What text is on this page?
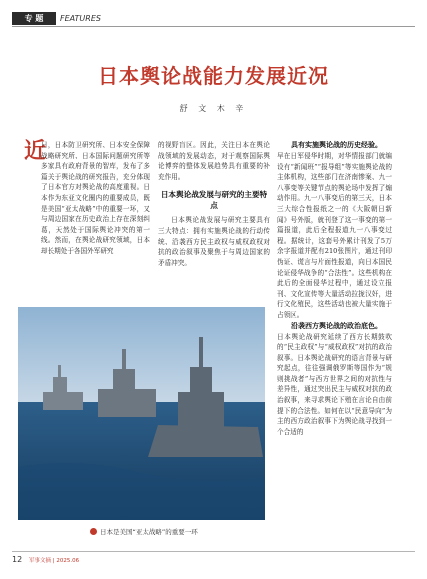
专 题	FEATURES
日本舆论战能力发展近况
舒 文 木 辛
近

日，日本防卫研究所、日本安全保障战略研究所、日本国际问题研究所等多家具有政府背景的智库，发布了多篇关于舆论战的研究报告，充分体现了日本官方对舆论战的高度重视。日本作为东亚文化圈内的重要成员，既是美国“亚太战略”中的重要一环，又与周边国家在历史政治上存在深刻纠葛，天然处于国际舆论冲突的第一线。然而，在舆论战研究领域，日本却长期处于各国外军研究

的视野盲区。因此，关注日本在舆论战领域的发展动态，对于观察国际舆论博弈的整体发展趋势具有重要的补充作用。

日本舆论战发展与研究的主要特点

日本舆论战发展与研究主要具有三大特点：拥有实施舆论战的行动传统、沿袭西方民主政权与威权政权对抗的政治叙事及聚焦于与周边国家的矛盾冲突。

具有实施舆论战的历史经验。

早在日军侵华时期，对华情报部门就编设有“新闻班”“报导组”等实施舆论战的主体机构，这些部门在济南惨案、九一八事变等关键节点的舆论场中发挥了煽动作用。九一八事变后的第三天，日本三大综合性报纸之一的《大阪朝日新闻》号外版，就刊登了这一事变的第一篇报道，此后全程报道九一八事变过程。据统计，这套号外累计刊发了5万余字报道并配有210张图片，通过刊印伪证、谎言与片面性报道，向日本国民论证侵华战争的“合法性”。这些机构在此后的全面侵华过程中，通过设立报刊、文化宣传等大量活动拉拢汉奸，进行文化殖民，这些活动也被大量实施于占领区。

沿袭西方舆论战的政治底色。

日本舆论战研究延续了西方长期鼓吹的“民主政权”与“威权政权”对抗的政治叙事。日本舆论战研究的语言背景与研究起点，往往强调俄罗斯等国作为“规则挑战者”与西方世界之间的对抗性与差异性，通过突出民主与威权对抗的政治叙事，来寻求舆论下殖在言论自由前提下的合法性。如何在以“民意导向”为主的西方政治叙事下为舆论战寻找到一个合适的

日本是美国“亚太战略”的重要一环
12 军事文摘 | 2025.06
